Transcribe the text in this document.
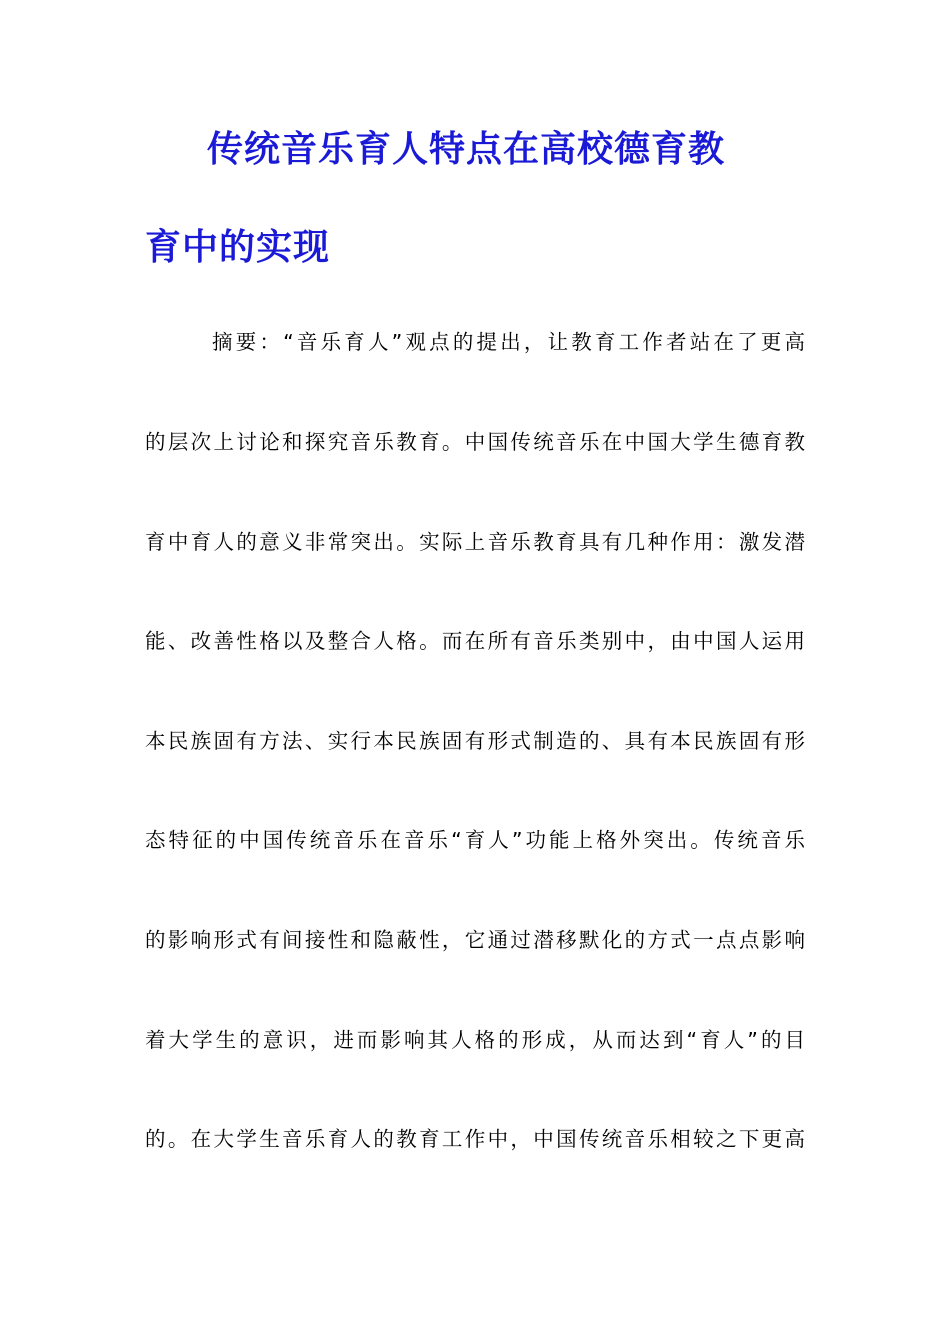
传统音乐育人特点在高校德育教
育中的实现

摘要：“音乐育人”观点的提出，让教育工作者站在了更高

的层次上讨论和探究音乐教育。中国传统音乐在中国大学生德育教

育中育人的意义非常突出。实际上音乐教育具有几种作用：激发潜

能、改善性格以及整合人格。而在所有音乐类别中，由中国人运用

本民族固有方法、实行本民族固有形式制造的、具有本民族固有形

态特征的中国传统音乐在音乐“育人”功能上格外突出。传统音乐

的影响形式有间接性和隐蔽性，它通过潜移默化的方式一点点影响

着大学生的意识，进而影响其人格的形成，从而达到“育人”的目

的。在大学生音乐育人的教育工作中，中国传统音乐相较之下更高
